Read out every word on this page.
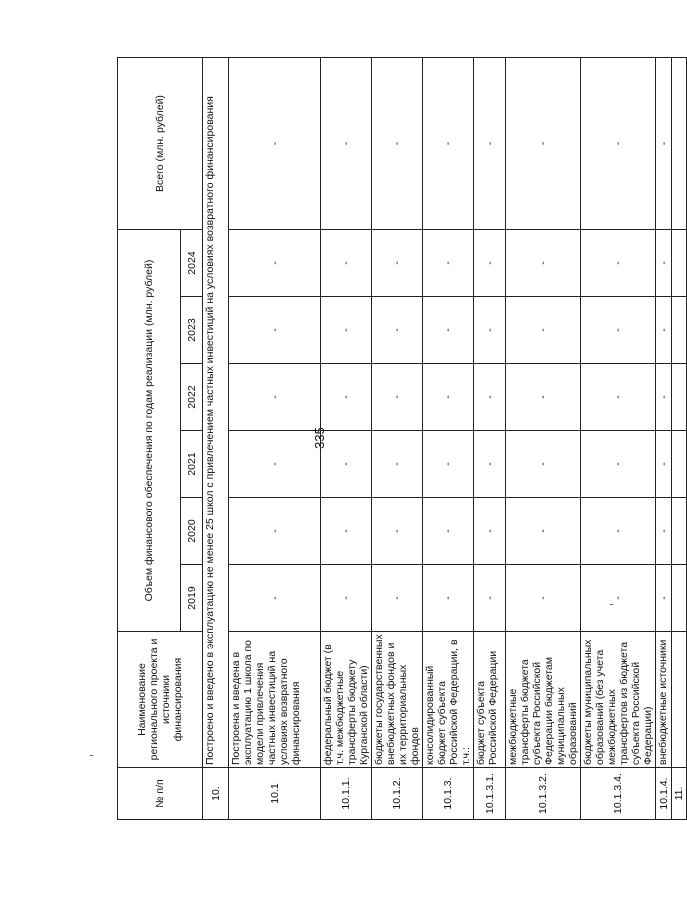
335
№ п/п	Наименование регионального проекта и источники финансирования	Объем финансового обеспечения по годам реализации (млн. рублей)						Всего (млн. рублей)
		2019	2020	2021	2022	2023	2024	
10.	Построено и введено в эксплуатацию не менее 25 школ с привлечением частных инвестиций на условиях возвратного финансирования							
10.1	Построена и введена в эксплуатацию 1 школа по модели привлечения частных инвестиций на условиях возвратного финансирования	-	-	-	-	-	-	-
10.1.1.	федеральный бюджет (в т.ч. межбюджетные трансферты бюджету Курганской области)	-	-	-	-	-	-	-
10.1.2.	бюджеты государственных внебюджетных фондов и их территориальных фондов	-	-	-	-	-	-	-
10.1.3.	консолидированный бюджет субъекта Российской Федерации, в т.ч.:	-	-	-	-	-	-	-
10.1.3.1.	бюджет субъекта Российской Федерации	-	-	-	-	-	-	-
10.1.3.2.	межбюджетные трансферты бюджета субъекта Российской Федерации бюджетам муниципальных образований	-	-	-	-	-	-	-
10.1.3.4.	бюджеты муниципальных образований (без учета межбюджетных трансфертов из бюджета субъекта Российской Федерации)	-	-	-	-	-	-	-
10.1.4.	внебюджетные источники	-	-	-	-	-	-	-
11.								
